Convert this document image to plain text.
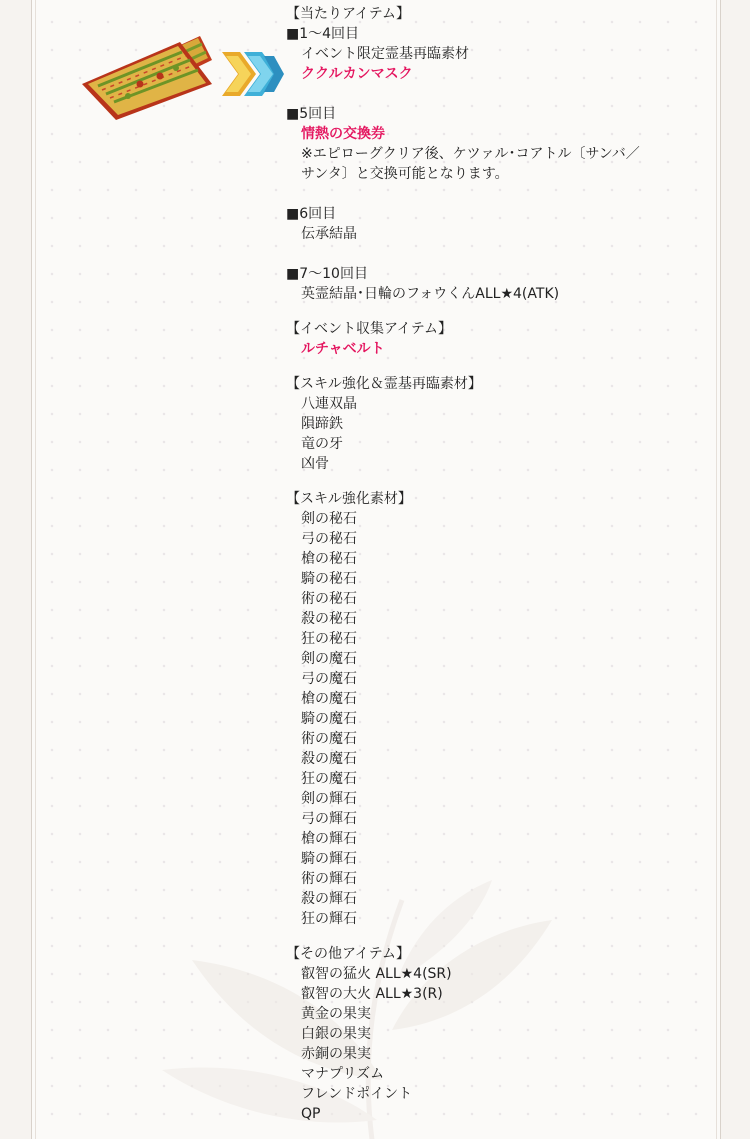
【当たりアイテム】
■1～4回目
イベント限定霊基再臨素材
ククルカンマスク
■5回目
情熱の交換券
※エピローグクリア後、ケツァル･コアトル〔サンバ／
サンタ〕と交換可能となります。
■6回目
伝承結晶
■7～10回目
英霊結晶･日輪のフォウくんALL★4(ATK)
【イベント収集アイテム】
ルチャベルト
【スキル強化＆霊基再臨素材】
八連双晶
隕蹄鉄
竜の牙
凶骨
【スキル強化素材】
剣の秘石
弓の秘石
槍の秘石
騎の秘石
術の秘石
殺の秘石
狂の秘石
剣の魔石
弓の魔石
槍の魔石
騎の魔石
術の魔石
殺の魔石
狂の魔石
剣の輝石
弓の輝石
槍の輝石
騎の輝石
術の輝石
殺の輝石
狂の輝石
【その他アイテム】
叡智の猛火 ALL★4(SR)
叡智の大火 ALL★3(R)
黄金の果実
白銀の果実
赤銅の果実
マナプリズム
フレンドポイント
QP
